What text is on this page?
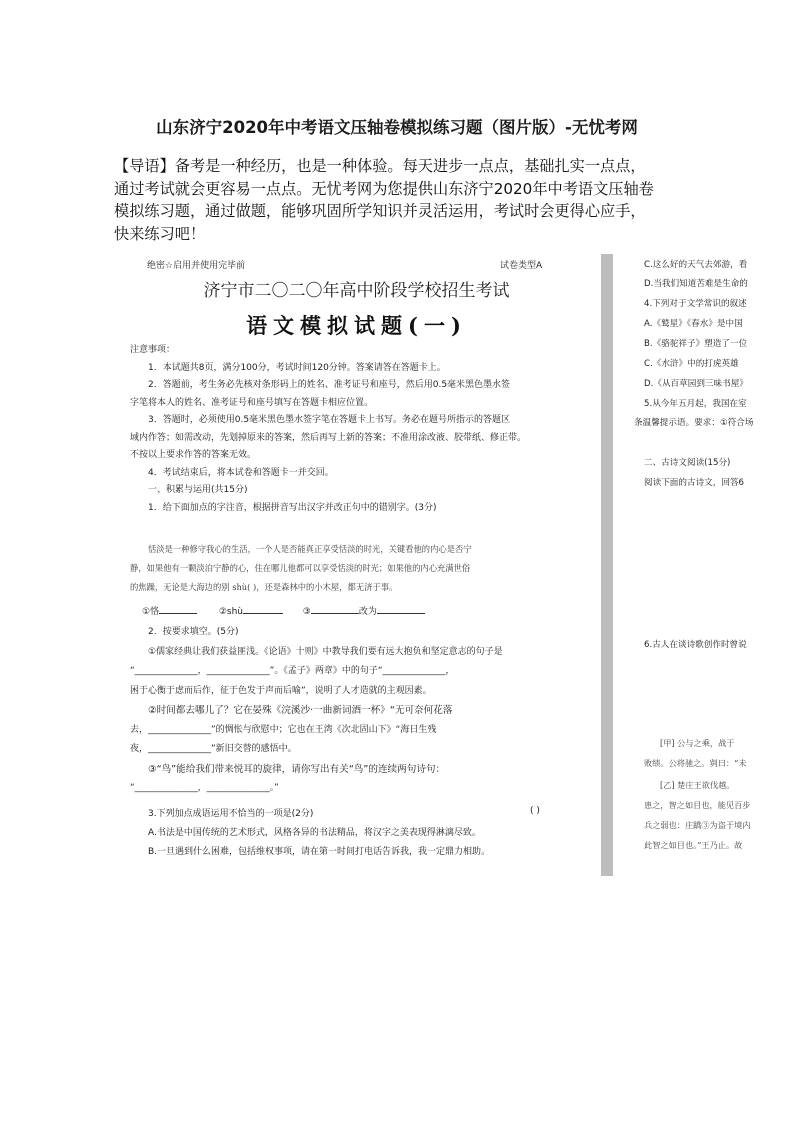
山东济宁2020年中考语文压轴卷模拟练习题（图片版）-无忧考网

【导语】备考是一种经历，也是一种体验。每天进步一点点，基础扎实一点点，

通过考试就会更容易一点点。无忧考网为您提供山东济宁2020年中考语文压轴卷

模拟练习题，通过做题，能够巩固所学知识并灵活运用，考试时会更得心应手，

快来练习吧！

绝密☆启用并使用完毕前	试卷类型A
济宁市二〇二〇年高中阶段学校招生考试
语文模拟试题(一)

注意事项：

1．本试题共8页，满分100分，考试时间120分钟。答案请答在答题卡上。

2．答题前，考生务必先核对条形码上的姓名、准考证号和座号，然后用0.5毫米黑色墨水签

字笔将本人的姓名、准考证号和座号填写在答题卡相应位置。

3．答题时，必须使用0.5毫米黑色墨水签字笔在答题卡上书写。务必在题号所指示的答题区

域内作答；如需改动，先划掉原来的答案，然后再写上新的答案；不准用涂改液、胶带纸、修正带。

不按以上要求作答的答案无效。

4．考试结束后，将本试卷和答题卡一并交回。

一、积累与运用(共15分)

1．给下面加点的字注音，根据拼音写出汉字并改正句中的错别字。(3分)

恬淡是一种修守我心的生活，一个人是否能真正享受恬淡的时光，关键看他的内心是否宁

静，如果他有一颗淡泊宁静的心，住在哪儿他都可以享受恬淡的时光；如果他的内心充满世俗

的焦躁，无论是大海边的别 shù( )，还是森林中的小木屋，都无济于事。

①恪	②shù	③	改为

2．按要求填空。(5分)

①儒家经典让我们获益匪浅。《论语》十则》中教导我们要有远大抱负和坚定意志的句子是

“______________，______________”。《孟子》两章》中的句子“______________，

困于心衡于虑而后作，征于色发于声而后喻”，说明了人才造就的主观因素。

②时间都去哪儿了？它在晏殊《浣溪沙·一曲新词酒一杯》“无可奈何花落

去，______________”的惆怅与欣慰中；它也在王湾《次北固山下》“海日生残

夜，______________”新旧交替的感悟中。

③“鸟”能给我们带来悦耳的旋律，请你写出有关“鸟”的连续两句诗句：

“______________，______________。”

3.下列加点成语运用不恰当的一项是(2分)	( )
A.书法是中国传统的艺术形式，风格各异的书法精品，将汉字之美表现得淋漓尽致。
B.一旦遇到什么困难，包括维权事项，请在第一时间打电话告诉我，我一定鼎力相助。
C.这么好的天气去郊游，看
D.当我们知道苦难是生命的
4.下列对于文学常识的叙述
A.《鹫星》《春水》是中国
B.《骆驼祥子》塑造了一位
C.《水浒》中的打虎英雄
D.《从百草园到三味书屋》
5.从今年五月起，我国在室
条温馨提示语。要求：①符合场
二、古诗文阅读(15分)
阅读下面的古诗文，回答6
6.古人在谈诗歌创作时曾说
[甲] 公与之乘，战于
败绩。公将驰之。刿曰：“未
[乙] 楚庄王欲伐越。
患之，智之如目也，能见百步
兵之弱也：庄蹻③为盗于境内
此智之如目也。”王乃止。故
